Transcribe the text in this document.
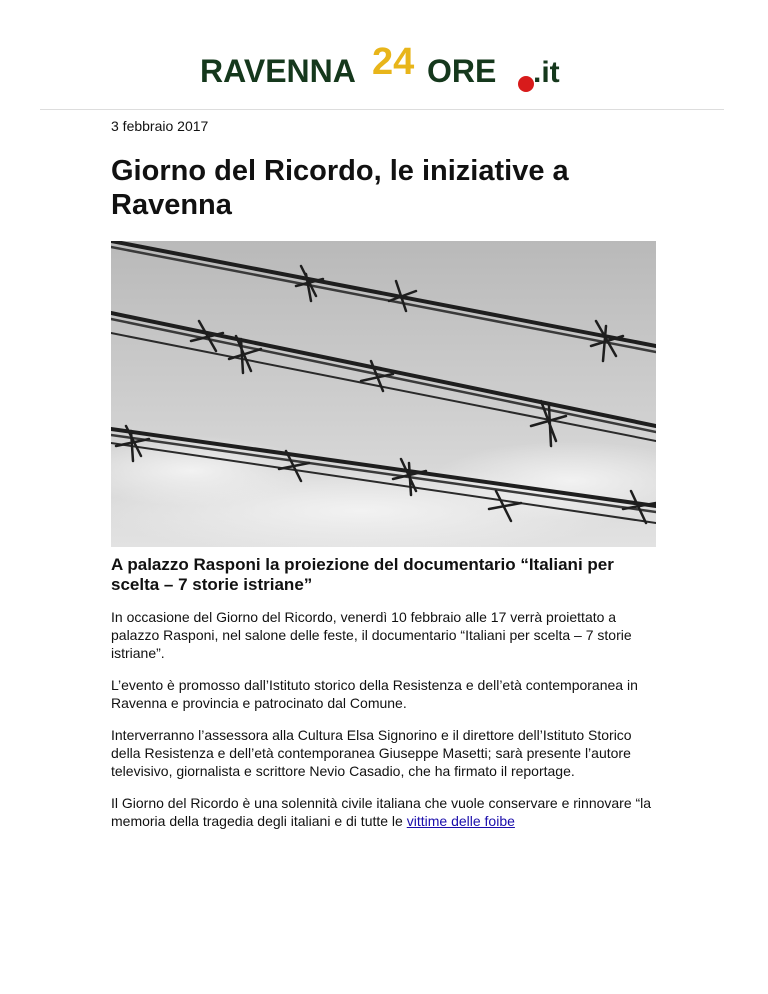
RAVENNA 24 ORE .it
3 febbraio 2017
Giorno del Ricordo, le iniziative a Ravenna
A palazzo Rasponi la proiezione del documentario “Italiani per scelta – 7 storie istriane”

In occasione del Giorno del Ricordo, venerdì 10 febbraio alle 17 verrà proiettato a palazzo Rasponi, nel salone delle feste, il documentario “Italiani per scelta – 7 storie istriane”.

L’evento è promosso dall’Istituto storico della Resistenza e dell’età contemporanea in Ravenna e provincia e patrocinato dal Comune.

Interverranno l’assessora alla Cultura Elsa Signorino e il direttore dell’Istituto Storico della Resistenza e dell’età contemporanea Giuseppe Masetti; sarà presente l’autore televisivo, giornalista e scrittore Nevio Casadio, che ha firmato il reportage.

Il Giorno del Ricordo è una solennità civile italiana che vuole conservare e rinnovare “la memoria della tragedia degli italiani e di tutte le vittime delle foibe
